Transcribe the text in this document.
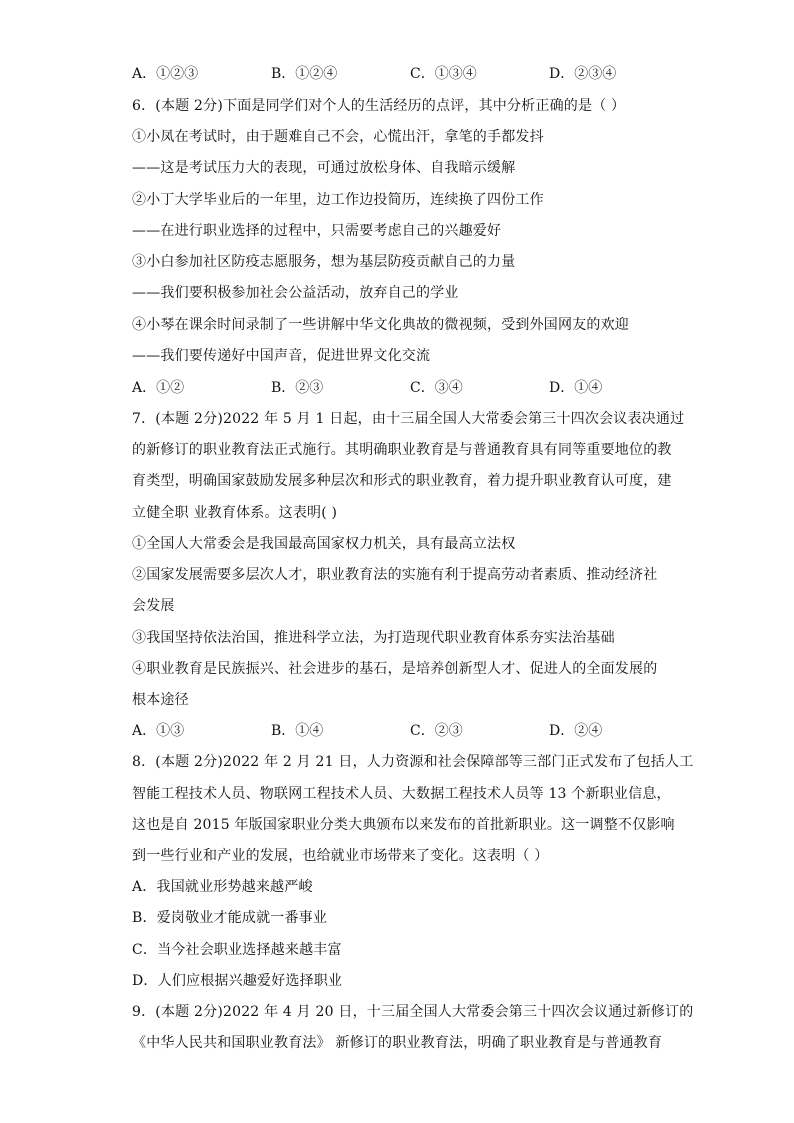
A．①②③	B．①②④	C．①③④	D．②③④
6．(本题 2分)下面是同学们对个人的生活经历的点评，其中分析正确的是（ ）
①小凤在考试时，由于题难自己不会，心慌出汗，拿笔的手都发抖
——这是考试压力大的表现，可通过放松身体、自我暗示缓解
②小丁大学毕业后的一年里，边工作边投简历，连续换了四份工作
——在进行职业选择的过程中，只需要考虑自己的兴趣爱好
③小白参加社区防疫志愿服务，想为基层防疫贡献自己的力量
——我们要积极参加社会公益活动，放弃自己的学业
④小琴在课余时间录制了一些讲解中华文化典故的微视频，受到外国网友的欢迎
——我们要传递好中国声音，促进世界文化交流
A．①②	B．②③	C．③④	D．①④
7．(本题 2分)2022 年 5 月 1 日起，由十三届全国人大常委会第三十四次会议表决通过
的新修订的职业教育法正式施行。其明确职业教育是与普通教育具有同等重要地位的教
育类型，明确国家鼓励发展多种层次和形式的职业教育，着力提升职业教育认可度，建
立健全职 业教育体系。这表明( )
①全国人大常委会是我国最高国家权力机关，具有最高立法权
②国家发展需要多层次人才，职业教育法的实施有利于提高劳动者素质、推动经济社
会发展
③我国坚持依法治国，推进科学立法，为打造现代职业教育体系夯实法治基础
④职业教育是民族振兴、社会进步的基石，是培养创新型人才、促进人的全面发展的
根本途径
A．①③	B．①④	C．②③	D．②④
8．(本题 2分)2022 年 2 月 21 日，人力资源和社会保障部等三部门正式发布了包括人工
智能工程技术人员、物联网工程技术人员、大数据工程技术人员等 13 个新职业信息，
这也是自 2015 年版国家职业分类大典颁布以来发布的首批新职业。这一调整不仅影响
到一些行业和产业的发展，也给就业市场带来了变化。这表明（ ）
A．我国就业形势越来越严峻
B．爱岗敬业才能成就一番事业
C．当今社会职业选择越来越丰富
D．人们应根据兴趣爱好选择职业
9．(本题 2分)2022 年 4 月 20 日，十三届全国人大常委会第三十四次会议通过新修订的
《中华人民共和国职业教育法》 新修订的职业教育法，明确了职业教育是与普通教育
